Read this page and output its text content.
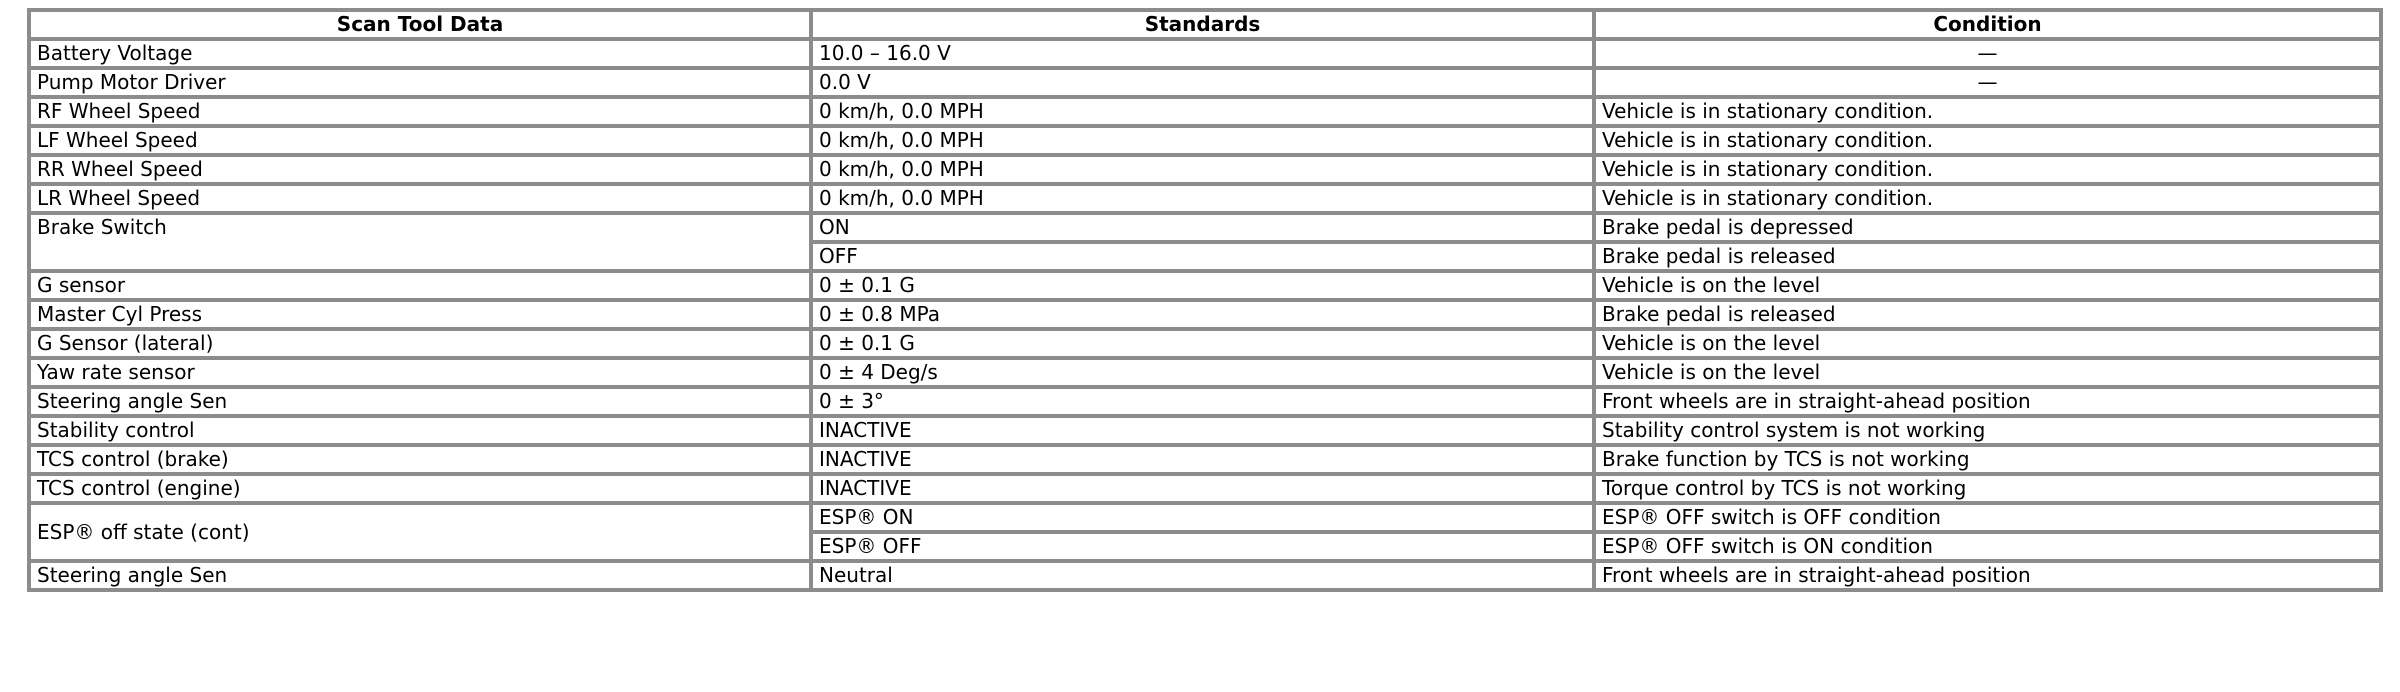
Scan Tool Data	Standards	Condition
Battery Voltage	10.0 – 16.0 V	—
Pump Motor Driver	0.0 V	—
RF Wheel Speed	0 km/h, 0.0 MPH	Vehicle is in stationary condition.
LF Wheel Speed	0 km/h, 0.0 MPH	Vehicle is in stationary condition.
RR Wheel Speed	0 km/h, 0.0 MPH	Vehicle is in stationary condition.
LR Wheel Speed	0 km/h, 0.0 MPH	Vehicle is in stationary condition.
Brake Switch	ON	Brake pedal is depressed
	OFF	Brake pedal is released
G sensor	0 ± 0.1 G	Vehicle is on the level
Master Cyl Press	0 ± 0.8 MPa	Brake pedal is released
G Sensor (lateral)	0 ± 0.1 G	Vehicle is on the level
Yaw rate sensor	0 ± 4 Deg/s	Vehicle is on the level
Steering angle Sen	0 ± 3°	Front wheels are in straight-ahead position
Stability control	INACTIVE	Stability control system is not working
TCS control (brake)	INACTIVE	Brake function by TCS is not working
TCS control (engine)	INACTIVE	Torque control by TCS is not working
ESP® off state (cont)	ESP® ON	ESP® OFF switch is OFF condition
	ESP® OFF	ESP® OFF switch is ON condition
Steering angle Sen	Neutral	Front wheels are in straight-ahead position
